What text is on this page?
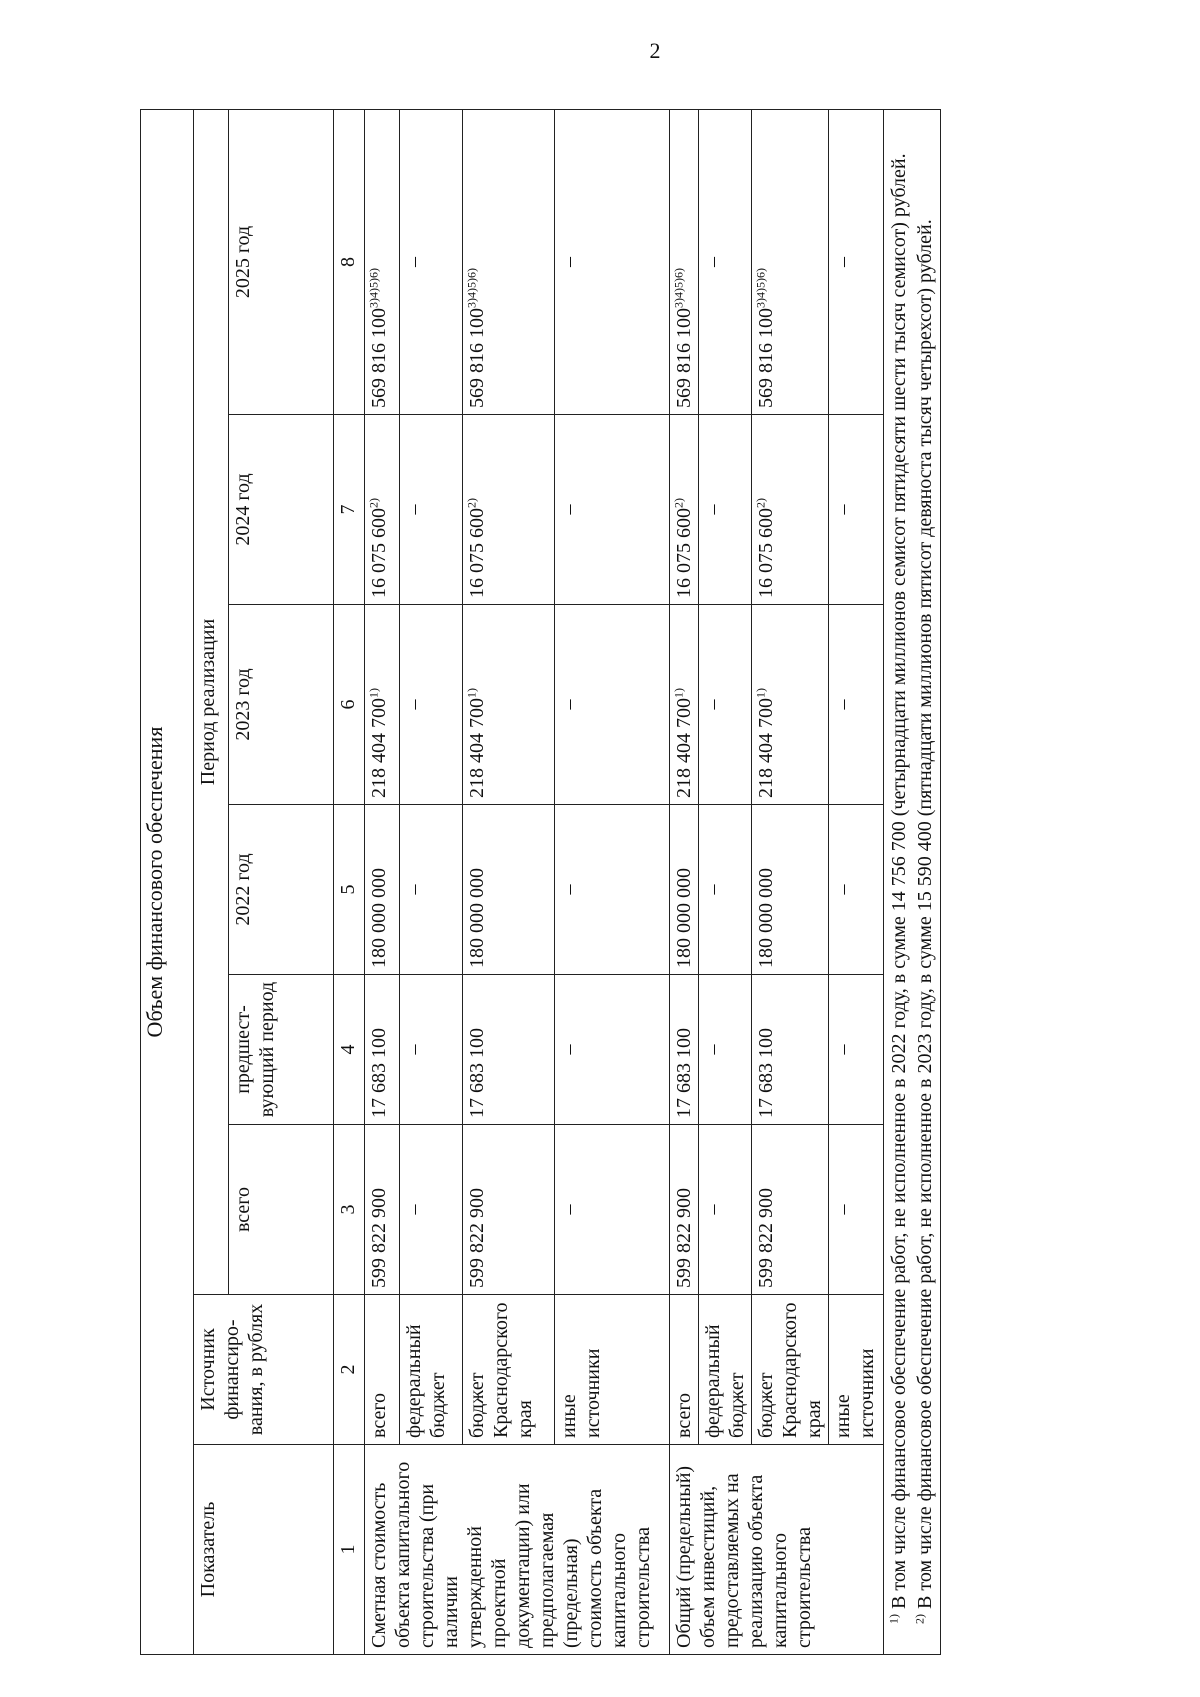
2
Объем финансового обеспечения							
Показатель	Источник финансиро-вания, в рублях	Период реализации					
		всего	предшест-вующий период	2022 год	2023 год	2024 год	2025 год
1	2	3	4	5	6	7	8
Сметная стоимость объекта капитального строительства (при наличии утвержденной проектной документации) или предполагаемая (предельная) стоимость объекта капитального строительства	всего	599 822 900	17 683 100	180 000 000	218 404 700$^{1)}$	16 075 600$^{2)}$	569 816 $100^{3)4)5)6)}$
	федеральный бюджет	–	–	–	–	–	–
	бюджет Краснодарского края	599 822 900	17 683 100	180 000 000	218 404 700$^{1)}$	16 075 600$^{2)}$	569 816 $100^{3)4)5)6)}$
	иные источники	–	–	–	–	–	–
Общий (предельный) объем инвестиций, предоставляемых на реализацию объекта капитального строительства	всего	599 822 900	17 683 100	180 000 000	218 404 700$^{1)}$	16 075 600$^{2)}$	569 816 $100^{3)4)5)6)}$
	федеральный бюджет	–	–	–	–	–	–
	бюджет Краснодарского края	599 822 900	17 683 100	180 000 000	218 404 700$^{1)}$	16 075 600$^{2)}$	569 816 $100^{3)4)5)6)}$
	иные источники	–	–	–	–	–	–

$^{1)}$ В том числе финансовое обеспечение работ, не исполненное в 2022 году, в сумме 14 756 700 (четырнадцати миллионов семисот пятидесяти шести тысяч семисот) рублей.

$^{2)}$ В том числе финансовое обеспечение работ, не исполненное в 2023 году, в сумме 15 590 400 (пятнадцати миллионов пятисот девяноста тысяч четырехсот) рублей.							
